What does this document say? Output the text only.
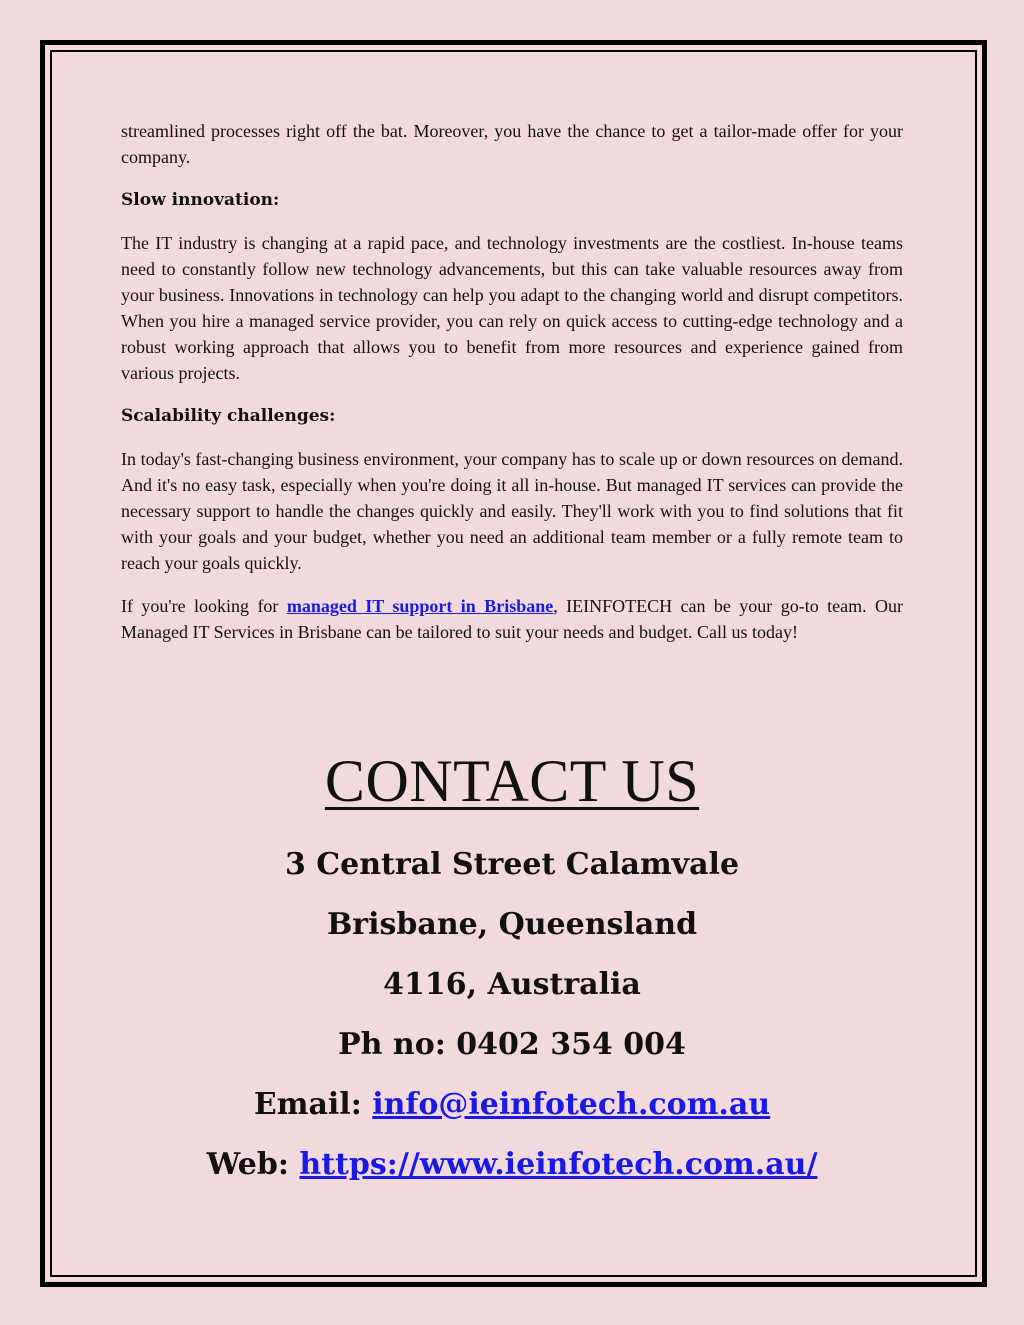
streamlined processes right off the bat. Moreover, you have the chance to get a tailor-made offer for your company.

Slow innovation:

The IT industry is changing at a rapid pace, and technology investments are the costliest. In-house teams need to constantly follow new technology advancements, but this can take valuable resources away from your business. Innovations in technology can help you adapt to the changing world and disrupt competitors. When you hire a managed service provider, you can rely on quick access to cutting-edge technology and a robust working approach that allows you to benefit from more resources and experience gained from various projects.

Scalability challenges:

In today's fast-changing business environment, your company has to scale up or down resources on demand. And it's no easy task, especially when you're doing it all in-house. But managed IT services can provide the necessary support to handle the changes quickly and easily. They'll work with you to find solutions that fit with your goals and your budget, whether you need an additional team member or a fully remote team to reach your goals quickly.

If you're looking for managed IT support in Brisbane, IEINFOTECH can be your go-to team. Our Managed IT Services in Brisbane can be tailored to suit your needs and budget. Call us today!

CONTACT US

3 Central Street Calamvale

Brisbane, Queensland

4116, Australia

Ph no: 0402 354 004

Email: info@ieinfotech.com.au

Web: https://www.ieinfotech.com.au/
